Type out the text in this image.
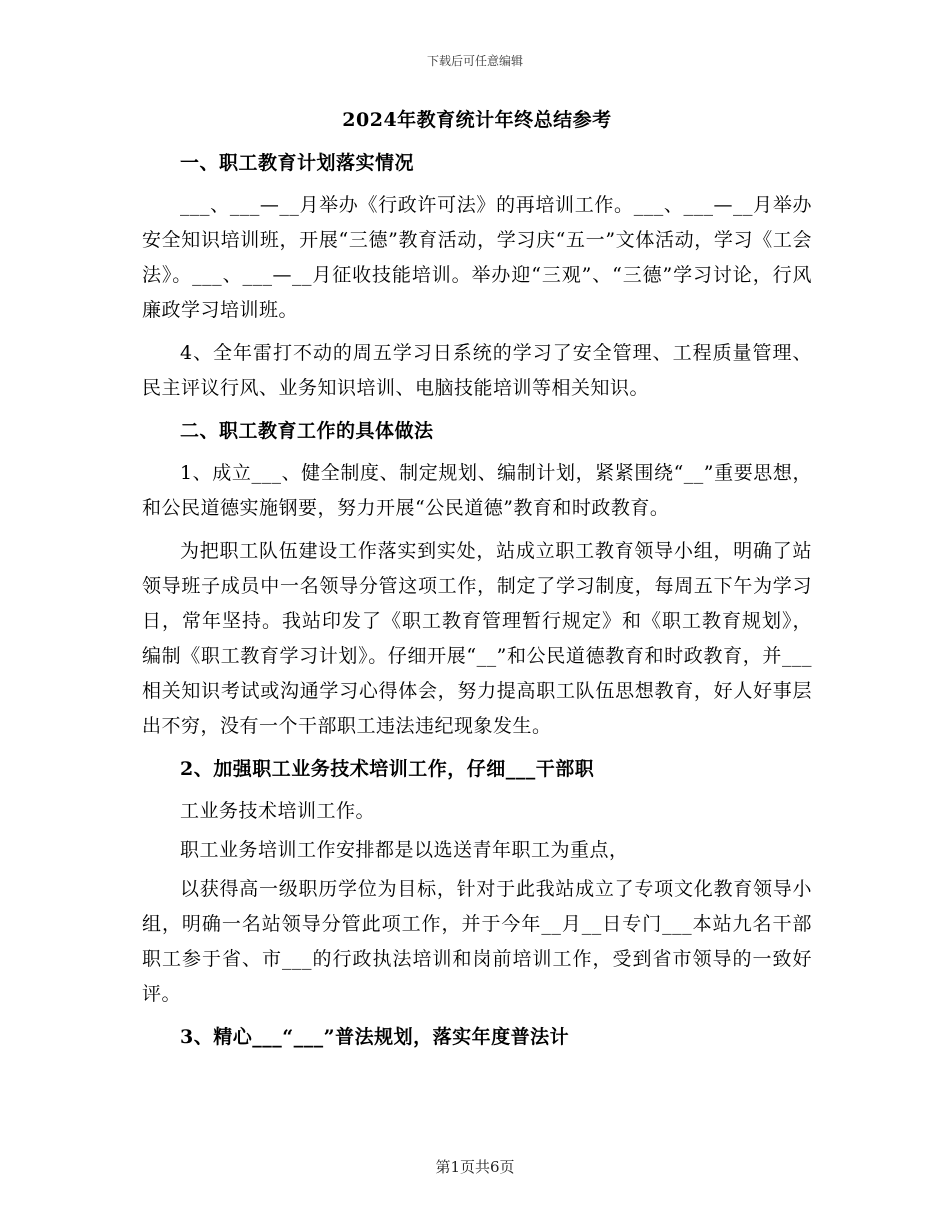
下载后可任意编辑
2024年教育统计年终总结参考
一、职工教育计划落实情况

___、___—__月举办《行政许可法》的再培训工作。___、___—__月举办安全知识培训班，开展“三德”教育活动，学习庆“五一”文体活动，学习《工会法》。___、___—__月征收技能培训。举办迎“三观”、“三德”学习讨论，行风廉政学习培训班。

4、全年雷打不动的周五学习日系统的学习了安全管理、工程质量管理、民主评议行风、业务知识培训、电脑技能培训等相关知识。

二、职工教育工作的具体做法

1、成立___、健全制度、制定规划、编制计划，紧紧围绕“__”重要思想，和公民道德实施钢要，努力开展“公民道德”教育和时政教育。

为把职工队伍建设工作落实到实处，站成立职工教育领导小组，明确了站领导班子成员中一名领导分管这项工作，制定了学习制度，每周五下午为学习日，常年坚持。我站印发了《职工教育管理暂行规定》和《职工教育规划》，编制《职工教育学习计划》。仔细开展“__”和公民道德教育和时政教育，并___相关知识考试或沟通学习心得体会，努力提高职工队伍思想教育，好人好事层出不穷，没有一个干部职工违法违纪现象发生。

2、加强职工业务技术培训工作，仔细___干部职

工业务技术培训工作。

职工业务培训工作安排都是以选送青年职工为重点，

以获得高一级职历学位为目标，针对于此我站成立了专项文化教育领导小组，明确一名站领导分管此项工作，并于今年__月__日专门___本站九名干部职工参于省、市___的行政执法培训和岗前培训工作，受到省市领导的一致好评。

3、精心___“___”普法规划，落实年度普法计
第1页共6页
